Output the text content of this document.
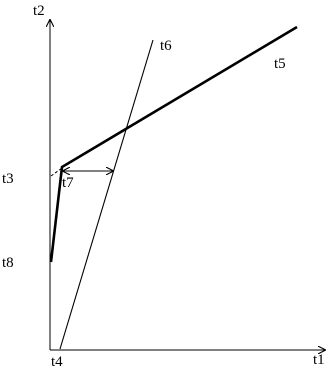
t2
t1
t5
t6
t7
t3
t8
t4
